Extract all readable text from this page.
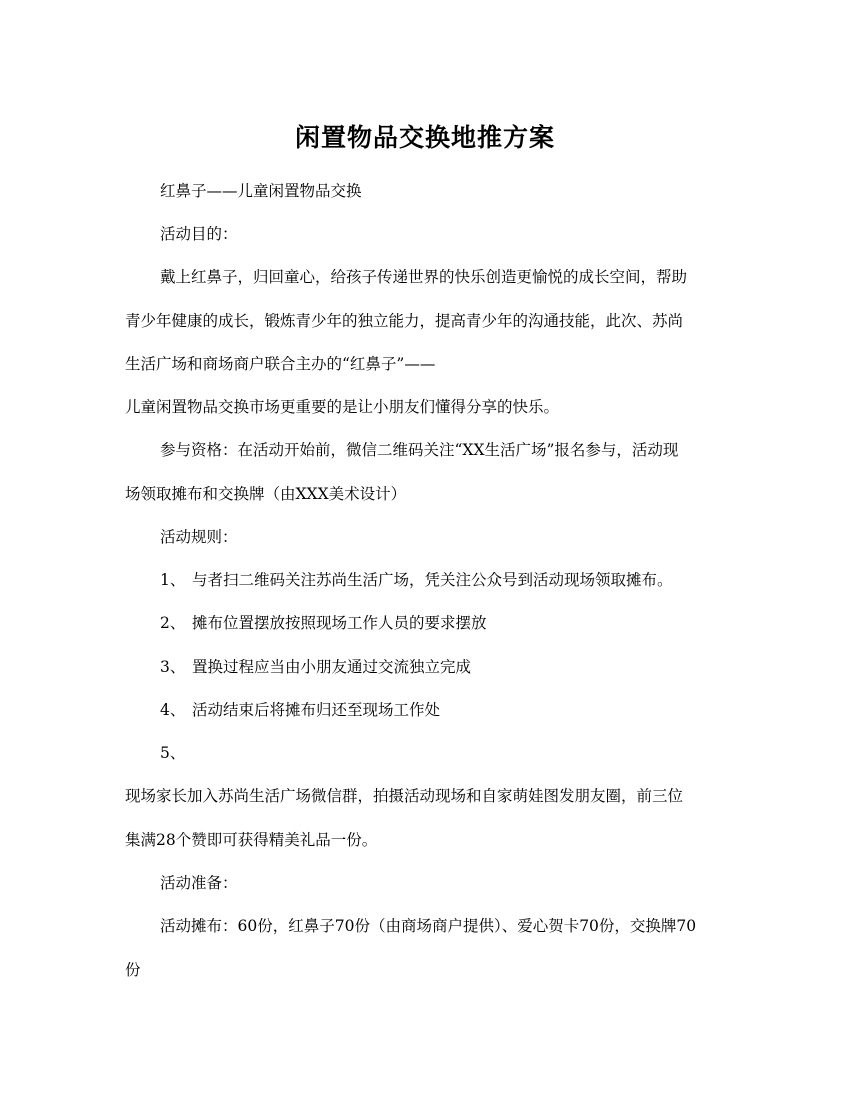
闲置物品交换地推方案

红鼻子——儿童闲置物品交换

活动目的：

戴上红鼻子，归回童心，给孩子传递世界的快乐创造更愉悦的成长空间，帮助

青少年健康的成长，锻炼青少年的独立能力，提高青少年的沟通技能，此次、苏尚

生活广场和商场商户联合主办的“红鼻子”——

儿童闲置物品交换市场更重要的是让小朋友们懂得分享的快乐。

参与资格：在活动开始前，微信二维码关注“XX生活广场”报名参与，活动现

场领取摊布和交换牌（由XXX美术设计）

活动规则：

1、 与者扫二维码关注苏尚生活广场，凭关注公众号到活动现场领取摊布。

2、 摊布位置摆放按照现场工作人员的要求摆放

3、 置换过程应当由小朋友通过交流独立完成

4、 活动结束后将摊布归还至现场工作处

5、

现场家长加入苏尚生活广场微信群，拍摄活动现场和自家萌娃图发朋友圈，前三位

集满28个赞即可获得精美礼品一份。

活动准备：

活动摊布：60份，红鼻子70份（由商场商户提供）、爱心贺卡70份，交换牌70

份
